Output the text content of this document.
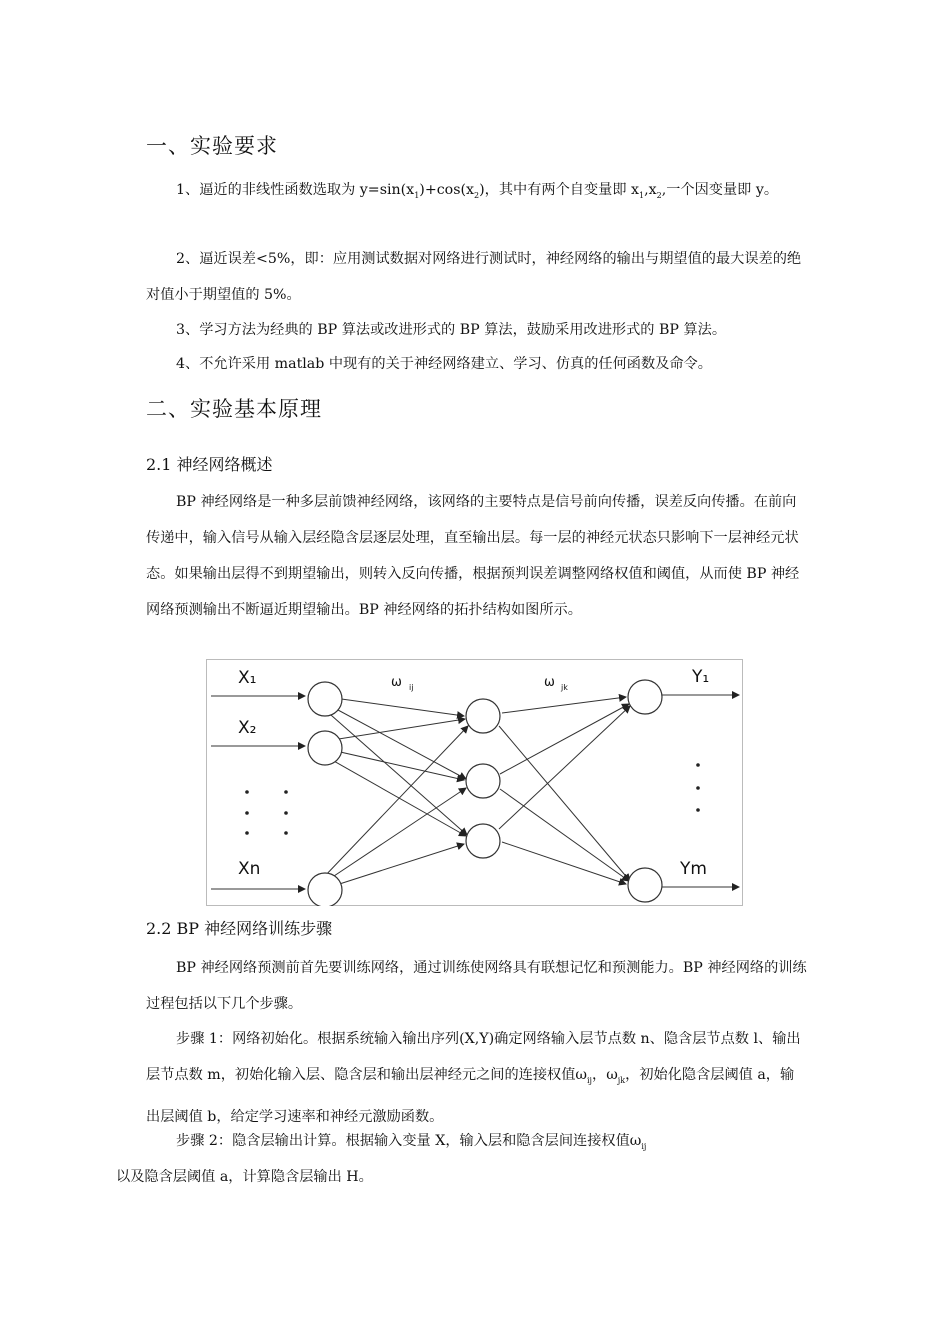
一、实验要求

1、逼近的非线性函数选取为 $y=\sin(x_1)+\cos(x_2)$，其中有两个自变量即 $x_1,x_2$,一个因变量即 y。

2、逼近误差<5%，即：应用测试数据对网络进行测试时，神经网络的输出与期望值的最大误差的绝对值小于期望值的 5%。

3、学习方法为经典的 BP 算法或改进形式的 BP 算法，鼓励采用改进形式的 BP 算法。

4、不允许采用 matlab 中现有的关于神经网络建立、学习、仿真的任何函数及命令。

二、实验基本原理
2.1 神经网络概述

BP 神经网络是一种多层前馈神经网络，该网络的主要特点是信号前向传播，误差反向传播。在前向传递中，输入信号从输入层经隐含层逐层处理，直至输出层。每一层的神经元状态只影响下一层神经元状态。如果输出层得不到期望输出，则转入反向传播，根据预判误差调整网络权值和阈值，从而使 BP 神经网络预测输出不断逼近期望输出。BP 神经网络的拓扑结构如图所示。

X₁
X₂
Xn
Y₁
Ym
ω ij	ω jk
2.2 BP 神经网络训练步骤

BP 神经网络预测前首先要训练网络，通过训练使网络具有联想记忆和预测能力。BP 神经网络的训练过程包括以下几个步骤。

步骤 1：网络初始化。根据系统输入输出序列(X,Y)确定网络输入层节点数 n、隐含层节点数 l、输出层节点数 m，初始化输入层、隐含层和输出层神经元之间的连接权值$\omega_{ij}$，$\omega_{jk}$，初始化隐含层阈值 a，输出层阈值 b，给定学习速率和神经元激励函数。

步骤 2：隐含层输出计算。根据输入变量 X，输入层和隐含层间连接权值$\omega_{ij}$
以及隐含层阈值 a，计算隐含层输出 H。
